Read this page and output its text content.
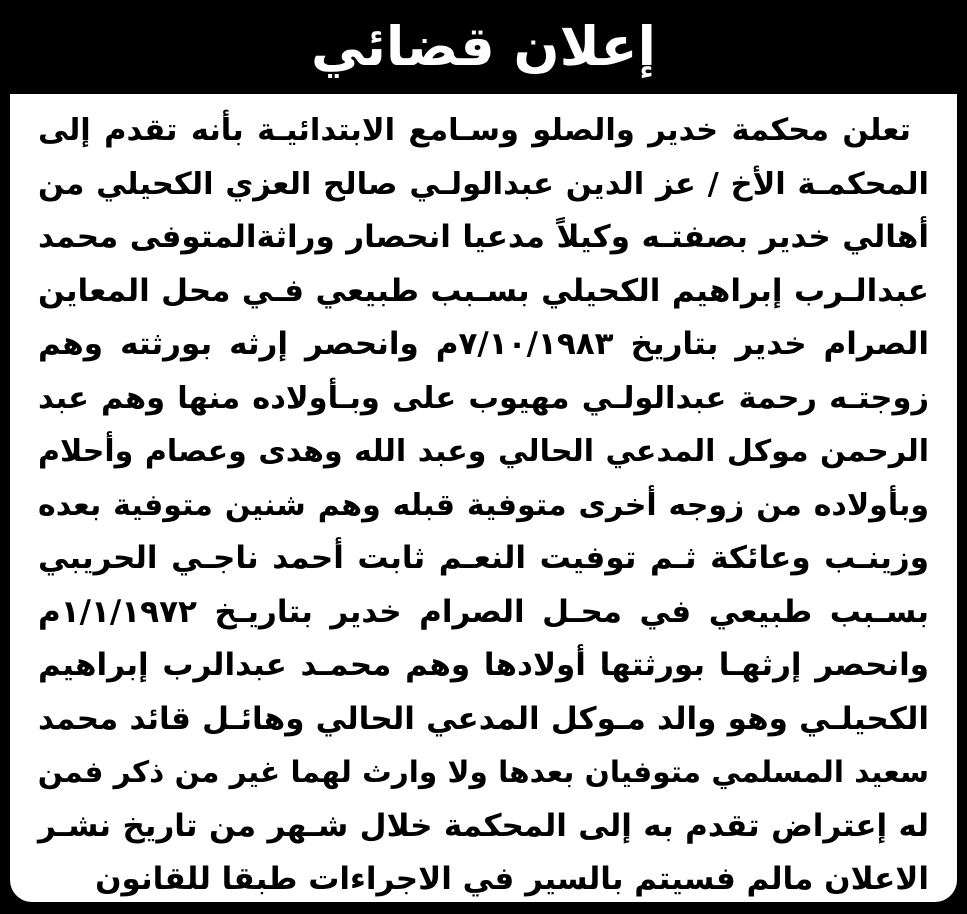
إعلان قضائي
تعلن محكمة خدير والصلو وسـامع الابتدائيـة بأنه تقدم إلى
المحكمـة الأخ / عز الدين عبدالولـي صالح العزي الكحيلي من
أهالي خدير بصفتـه وكيلاً مدعيا انحصار وراثةالمتوفى محمد
عبدالـرب إبراهيم الكحيلي بسـبب طبيعي فـي محل المعاين
الصرام خدير بتاريخ ٧/١٠/١٩٨٣م وانحصر إرثه بورثته وهم
زوجتـه رحمة عبدالولـي مهيوب على وبـأولاده منها وهم عبد
الرحمن موكل المدعي الحالي وعبد الله وهدى وعصام وأحلام
وبأولاده من زوجه أخرى متوفية قبله وهم شنين متوفية بعده
وزينـب وعائكة ثـم توفيت النعـم ثابت أحمد ناجـي الحريبي
بسـبب طبيعي في محـل الصرام خدير بتاريـخ ١/١/١٩٧٢م
وانحصر إرثهـا بورثتها أولادها وهم محمـد عبدالرب إبراهيم
الكحيلـي وهو والد مـوكل المدعي الحالي وهائـل قائد محمد
سعيد المسلمي متوفيان بعدها ولا وارث لهما غير من ذكر فمن
له إعتراض تقدم به إلى المحكمة خلال شـهر من تاريخ نشـر
الاعلان مالم فسيتم بالسير في الاجراءات طبقا للقانون
